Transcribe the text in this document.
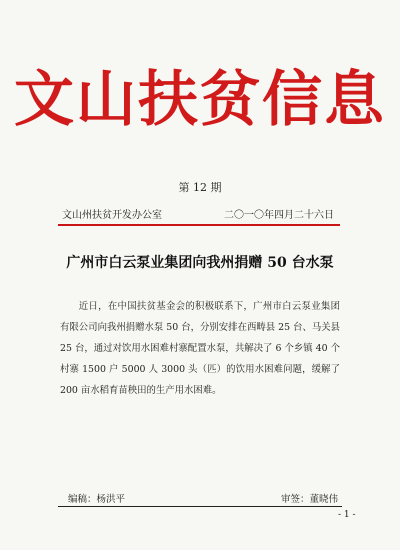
文山扶贫信息
第 12 期
文山州扶贫开发办公室	二〇一〇年四月二十六日
广州市白云泵业集团向我州捐赠 50 台水泵
近日，在中国扶贫基金会的积极联系下，广州市白云泵业集团有限公司向我州捐赠水泵 50 台，分别安排在西畴县 25 台、马关县 25 台，通过对饮用水困难村寨配置水泵，共解决了 6 个乡镇 40 个村寨 1500 户 5000 人 3000 头（匹）的饮用水困难问题，缓解了 200 亩水稻育苗秧田的生产用水困难。
编稿：杨洪平	审签：董晓伟
- 1 -
